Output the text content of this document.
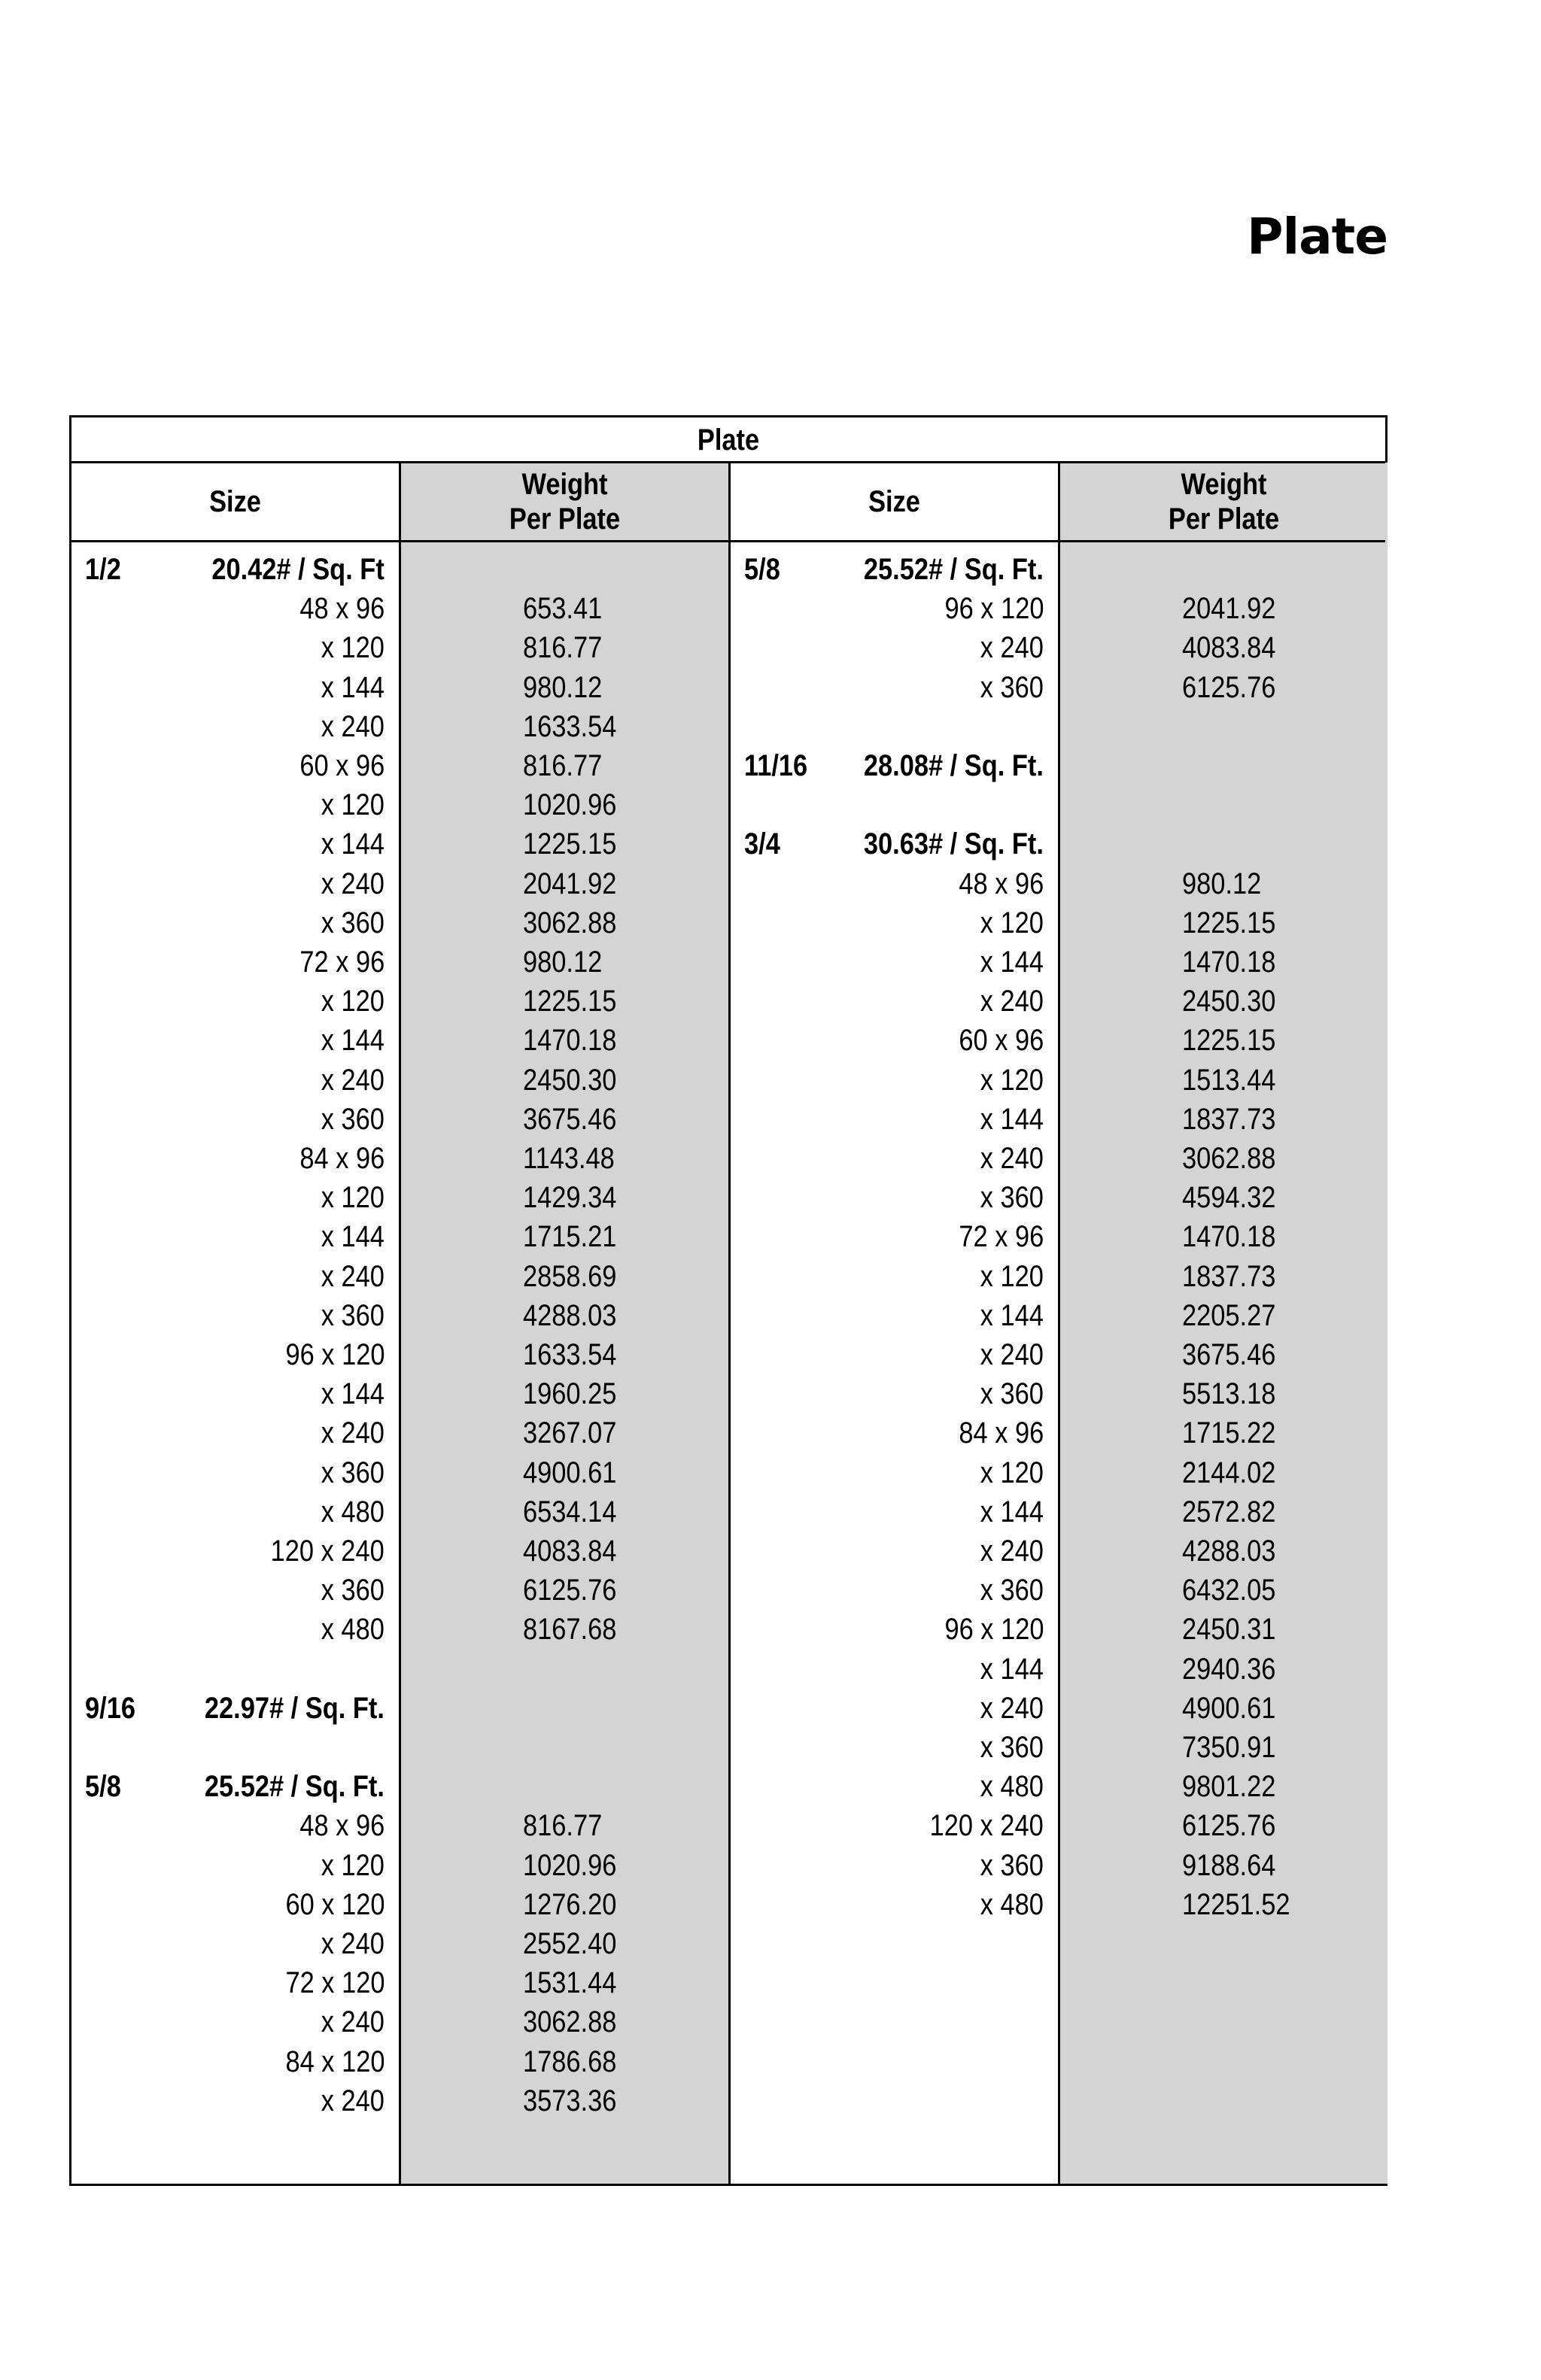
Plate
Plate
Size
Weight
Per Plate
Size
Weight
Per Plate
1/2	20.42# / Sq. Ft
48 x 96	653.41
x 120	816.77
x 144	980.12
x 240	1633.54
60 x 96	816.77
x 120	1020.96
x 144	1225.15
x 240	2041.92
x 360	3062.88
72 x 96	980.12
x 120	1225.15
x 144	1470.18
x 240	2450.30
x 360	3675.46
84 x 96	1143.48
x 120	1429.34
x 144	1715.21
x 240	2858.69
x 360	4288.03
96 x 120	1633.54
x 144	1960.25
x 240	3267.07
x 360	4900.61
x 480	6534.14
120 x 240	4083.84
x 360	6125.76
x 480	8167.68
9/16 22.97# / Sq. Ft.
5/8	25.52# / Sq. Ft.
48 x 96	816.77
x 120	1020.96
60 x 120	1276.20
x 240	2552.40
72 x 120	1531.44
x 240	3062.88
84 x 120	1786.68
x 240	3573.36
5/8	25.52# / Sq. Ft.
96 x 120	2041.92
x 240	4083.84
x 360	6125.76
11/16 28.08# / Sq. Ft.
3/4	30.63# / Sq. Ft.
48 x 96	980.12
x 120	1225.15
x 144	1470.18
x 240	2450.30
60 x 96	1225.15
x 120	1513.44
x 144	1837.73
x 240	3062.88
x 360	4594.32
72 x 96	1470.18
x 120	1837.73
x 144	2205.27
x 240	3675.46
x 360	5513.18
84 x 96	1715.22
x 120	2144.02
x 144	2572.82
x 240	4288.03
x 360	6432.05
96 x 120	2450.31
x 144	2940.36
x 240	4900.61
x 360	7350.91
x 480	9801.22
120 x 240	6125.76
x 360	9188.64
x 480	12251.52
